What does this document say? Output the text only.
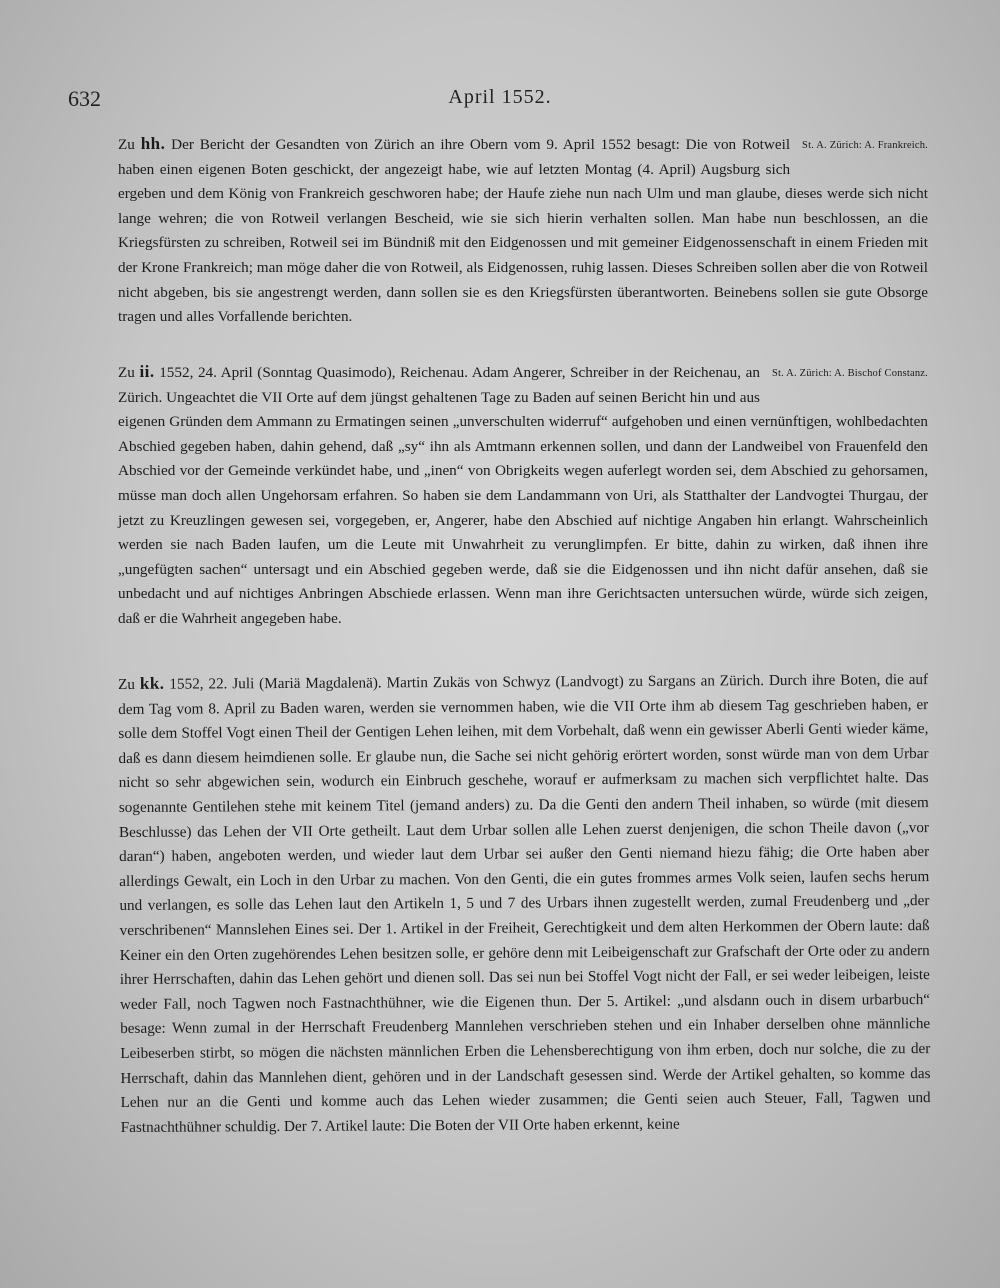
632	April 1552.
St. A. Zürich: A. Frankreich.
Zu hh. Der Bericht der Gesandten von Zürich an ihre Obern vom 9. April 1552 besagt: Die von Rotweil haben einen eigenen Boten geschickt, der angezeigt habe, wie auf letzten Montag (4. April) Augsburg sich ergeben und dem König von Frankreich geschworen habe; der Haufe ziehe nun nach Ulm und man glaube, dieses werde sich nicht lange wehren; die von Rotweil verlangen Bescheid, wie sie sich hierin verhalten sollen. Man habe nun beschlossen, an die Kriegsfürsten zu schreiben, Rotweil sei im Bündniß mit den Eidgenossen und mit gemeiner Eidgenossenschaft in einem Frieden mit der Krone Frankreich; man möge daher die von Rotweil, als Eidgenossen, ruhig lassen. Dieses Schreiben sollen aber die von Rotweil nicht abgeben, bis sie angestrengt werden, dann sollen sie es den Kriegsfürsten überantworten. Beinebens sollen sie gute Obsorge tragen und alles Vorfallende berichten.
St. A. Zürich: A. Bischof Constanz.
Zu ii. 1552, 24. April (Sonntag Quasimodo), Reichenau. Adam Angerer, Schreiber in der Reichenau, an Zürich. Ungeachtet die VII Orte auf dem jüngst gehaltenen Tage zu Baden auf seinen Bericht hin und aus eigenen Gründen dem Ammann zu Ermatingen seinen „unverschulten widerruf“ aufgehoben und einen vernünftigen, wohlbedachten Abschied gegeben haben, dahin gehend, daß „sy“ ihn als Amtmann erkennen sollen, und dann der Landweibel von Frauenfeld den Abschied vor der Gemeinde verkündet habe, und „inen“ von Obrigkeits wegen auferlegt worden sei, dem Abschied zu gehorsamen, müsse man doch allen Ungehorsam erfahren. So haben sie dem Landammann von Uri, als Statthalter der Landvogtei Thurgau, der jetzt zu Kreuzlingen gewesen sei, vorgegeben, er, Angerer, habe den Abschied auf nichtige Angaben hin erlangt. Wahrscheinlich werden sie nach Baden laufen, um die Leute mit Unwahrheit zu verunglimpfen. Er bitte, dahin zu wirken, daß ihnen ihre „ungefügten sachen“ untersagt und ein Abschied gegeben werde, daß sie die Eidgenossen und ihn nicht dafür ansehen, daß sie unbedacht und auf nichtiges Anbringen Abschiede erlassen. Wenn man ihre Gerichtsacten untersuchen würde, würde sich zeigen, daß er die Wahrheit angegeben habe.
Zu kk. 1552, 22. Juli (Mariä Magdalenä). Martin Zukäs von Schwyz (Landvogt) zu Sargans an Zürich. Durch ihre Boten, die auf dem Tag vom 8. April zu Baden waren, werden sie vernommen haben, wie die VII Orte ihm ab diesem Tag geschrieben haben, er solle dem Stoffel Vogt einen Theil der Gentigen Lehen leihen, mit dem Vorbehalt, daß wenn ein gewisser Aberli Genti wieder käme, daß es dann diesem heimdienen solle. Er glaube nun, die Sache sei nicht gehörig erörtert worden, sonst würde man von dem Urbar nicht so sehr abgewichen sein, wodurch ein Einbruch geschehe, worauf er aufmerksam zu machen sich verpflichtet halte. Das sogenannte Gentilehen stehe mit keinem Titel (jemand anders) zu. Da die Genti den andern Theil inhaben, so würde (mit diesem Beschlusse) das Lehen der VII Orte getheilt. Laut dem Urbar sollen alle Lehen zuerst denjenigen, die schon Theile davon („vor daran“) haben, angeboten werden, und wieder laut dem Urbar sei außer den Genti niemand hiezu fähig; die Orte haben aber allerdings Gewalt, ein Loch in den Urbar zu machen. Von den Genti, die ein gutes frommes armes Volk seien, laufen sechs herum und verlangen, es solle das Lehen laut den Artikeln 1, 5 und 7 des Urbars ihnen zugestellt werden, zumal Freudenberg und „der verschribenen“ Mannslehen Eines sei. Der 1. Artikel in der Freiheit, Gerechtigkeit und dem alten Herkommen der Obern laute: daß Keiner ein den Orten zugehörendes Lehen besitzen solle, er gehöre denn mit Leibeigenschaft zur Grafschaft der Orte oder zu andern ihrer Herrschaften, dahin das Lehen gehört und dienen soll. Das sei nun bei Stoffel Vogt nicht der Fall, er sei weder leibeigen, leiste weder Fall, noch Tagwen noch Fastnachthühner, wie die Eigenen thun. Der 5. Artikel: „und alsdann ouch in disem urbarbuch“ besage: Wenn zumal in der Herrschaft Freudenberg Mannlehen verschrieben stehen und ein Inhaber derselben ohne männliche Leibeserben stirbt, so mögen die nächsten männlichen Erben die Lehensberechtigung von ihm erben, doch nur solche, die zu der Herrschaft, dahin das Mannlehen dient, gehören und in der Landschaft gesessen sind. Werde der Artikel gehalten, so komme das Lehen nur an die Genti und komme auch das Lehen wieder zusammen; die Genti seien auch Steuer, Fall, Tagwen und Fastnachthühner schuldig. Der 7. Artikel laute: Die Boten der VII Orte haben erkennt, keine
